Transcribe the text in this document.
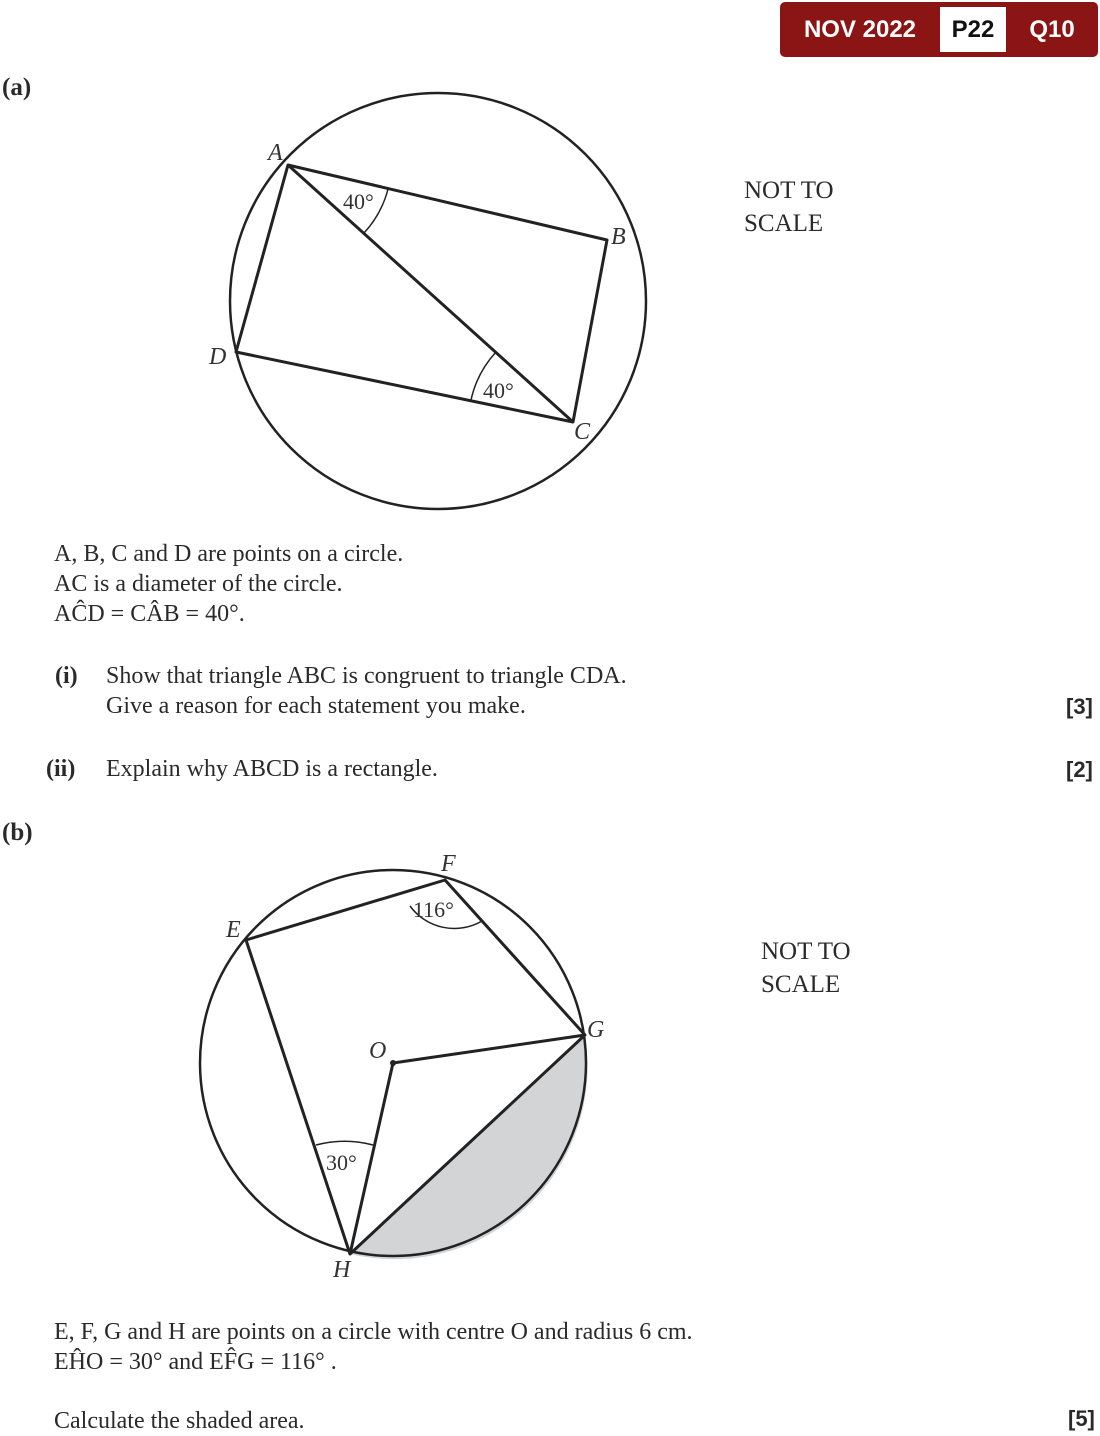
NOV 2022	P22	Q10
(a)
40°
40°
A
B
C
D
NOT TO
SCALE
A, B, C and D are points on a circle.
AC is a diameter of the circle.
AĈD = CÂB = 40°.
(i) Show that triangle ABC is congruent to triangle CDA.
Give a reason for each statement you make.	[3]
(ii) Explain why ABCD is a rectangle.	[2]
(b)
116°
30°
F
E
G
O
H
NOT TO
SCALE
E, F, G and H are points on a circle with centre O and radius 6 cm.
EĤO = 30° and EF̂G = 116° .
Calculate the shaded area.	[5]
